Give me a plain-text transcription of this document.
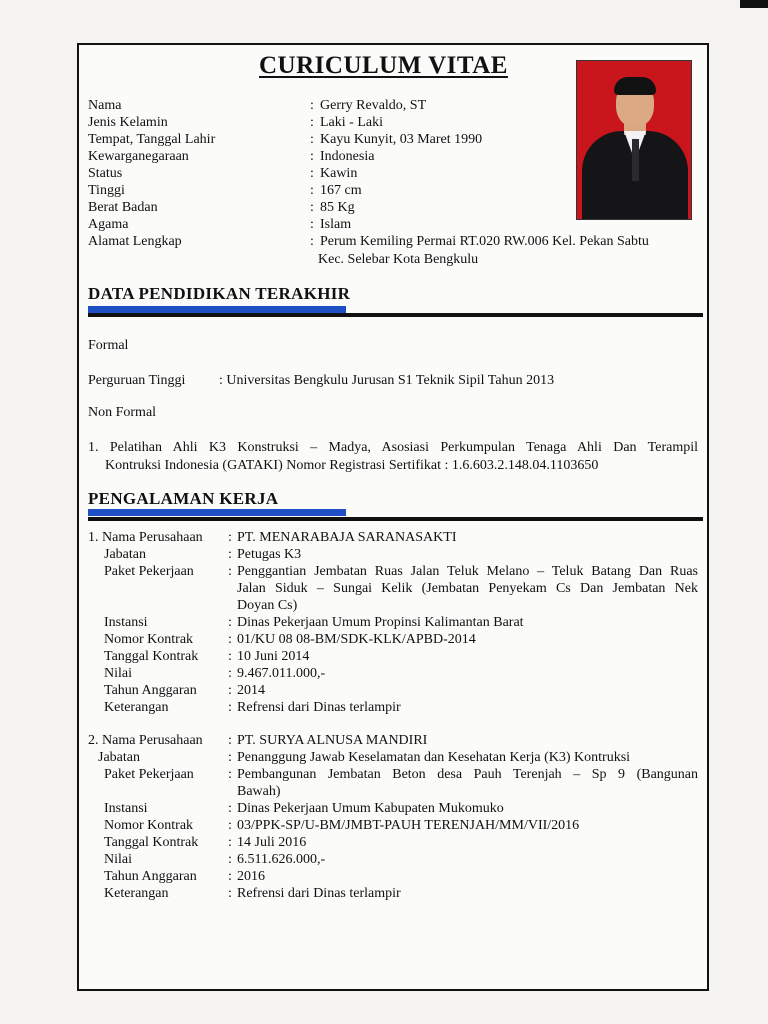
CURICULUM VITAE
Nama	: Gerry Revaldo, ST
Jenis Kelamin	: Laki - Laki
Tempat, Tanggal Lahir	: Kayu Kunyit, 03 Maret 1990
Kewarganegaraan	: Indonesia
Status	: Kawin
Tinggi	: 167 cm
Berat Badan	: 85 Kg
Agama	: Islam
Alamat Lengkap	: Perum Kemiling Permai RT.020 RW.006 Kel. Pekan Sabtu
Kec. Selebar Kota Bengkulu
DATA PENDIDIKAN TERAKHIR
Formal
Perguruan Tinggi : Universitas Bengkulu Jurusan S1 Teknik Sipil Tahun 2013
Non Formal
1. Pelatihan Ahli K3 Konstruksi – Madya, Asosiasi Perkumpulan Tenaga Ahli Dan Terampil
Kontruksi Indonesia (GATAKI) Nomor Registrasi Sertifikat : 1.6.603.2.148.04.1103650
PENGALAMAN KERJA
1. Nama Perusahaan : PT. MENARABAJA SARANASAKTI
Jabatan	: Petugas K3
Paket Pekerjaan : Penggantian Jembatan Ruas Jalan Teluk Melano – Teluk Batang Dan Ruas
Jalan Siduk – Sungai Kelik (Jembatan Penyekam Cs Dan Jembatan Nek
Doyan Cs)
Instansi	: Dinas Pekerjaan Umum Propinsi Kalimantan Barat
Nomor Kontrak : 01/KU 08 08-BM/SDK-KLK/APBD-2014
Tanggal Kontrak : 10 Juni 2014
Nilai	: 9.467.011.000,-
Tahun Anggaran : 2014
Keterangan	: Refrensi dari Dinas terlampir
2. Nama Perusahaan : PT. SURYA ALNUSA MANDIRI
Jabatan	: Penanggung Jawab Keselamatan dan Kesehatan Kerja (K3) Kontruksi
Paket Pekerjaan : Pembangunan Jembatan Beton desa Pauh Terenjah – Sp 9 (Bangunan
Bawah)
Instansi	: Dinas Pekerjaan Umum Kabupaten Mukomuko
Nomor Kontrak : 03/PPK-SP/U-BM/JMBT-PAUH TERENJAH/MM/VII/2016
Tanggal Kontrak : 14 Juli 2016
Nilai	: 6.511.626.000,-
Tahun Anggaran : 2016
Keterangan	: Refrensi dari Dinas terlampir
